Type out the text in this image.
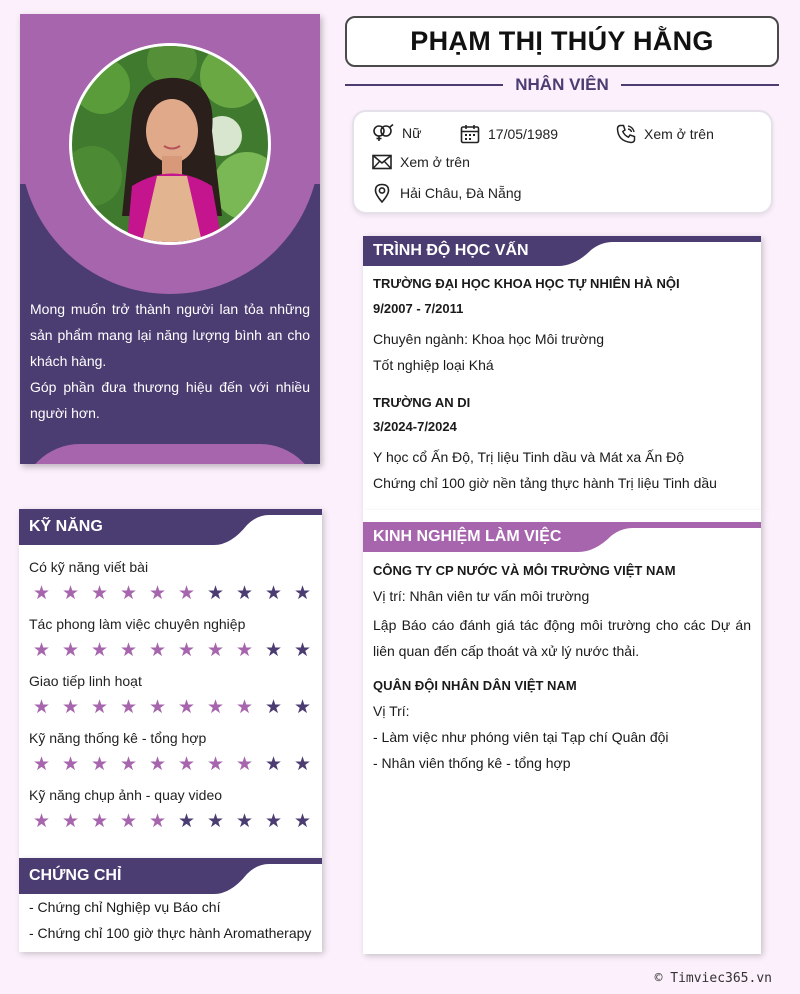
Mong muốn trở thành người lan tỏa những sản phẩm mang lại năng lượng bình an cho khách hàng.

Góp phần đưa thương hiệu đến với nhiều người hơn.

PHẠM THỊ THÚY HẰNG
NHÂN VIÊN
Nữ	17/05/1989	Xem ở trên
Xem ở trên
Hải Châu, Đà Nẵng
TRÌNH ĐỘ HỌC VẤN
TRƯỜNG ĐẠI HỌC KHOA HỌC TỰ NHIÊN HÀ NỘI
9/2007 - 7/2011
Chuyên ngành: Khoa học Môi trường
Tốt nghiệp loại Khá
TRƯỜNG AN DI
3/2024-7/2024
Y học cổ Ấn Độ, Trị liệu Tinh dầu và Mát xa Ấn Độ
Chứng chỉ 100 giờ nền tảng thực hành Trị liệu Tinh dầu
KINH NGHIỆM LÀM VIỆC
CÔNG TY CP NƯỚC VÀ MÔI TRƯỜNG VIỆT NAM
Vị trí: Nhân viên tư vấn môi trường
Lập Báo cáo đánh giá tác động môi trường cho các Dự án liên quan đến cấp thoát và xử lý nước thải.
QUÂN ĐỘI NHÂN DÂN VIỆT NAM
Vị Trí:
- Làm việc như phóng viên tại Tạp chí Quân đội
- Nhân viên thống kê - tổng hợp
KỸ NĂNG
Có kỹ năng viết bài
★ ★ ★ ★ ★ ★ ★ ★ ★ ★
Tác phong làm việc chuyên nghiệp
★ ★ ★ ★ ★ ★ ★ ★ ★ ★
Giao tiếp linh hoạt
★ ★ ★ ★ ★ ★ ★ ★ ★ ★
Kỹ năng thống kê - tổng hợp
★ ★ ★ ★ ★ ★ ★ ★ ★ ★
Kỹ năng chụp ảnh - quay video
★ ★ ★ ★ ★ ★ ★ ★ ★ ★
CHỨNG CHỈ
- Chứng chỉ Nghiệp vụ Báo chí
- Chứng chỉ 100 giờ thực hành Aromatherapy
© Timviec365.vn
